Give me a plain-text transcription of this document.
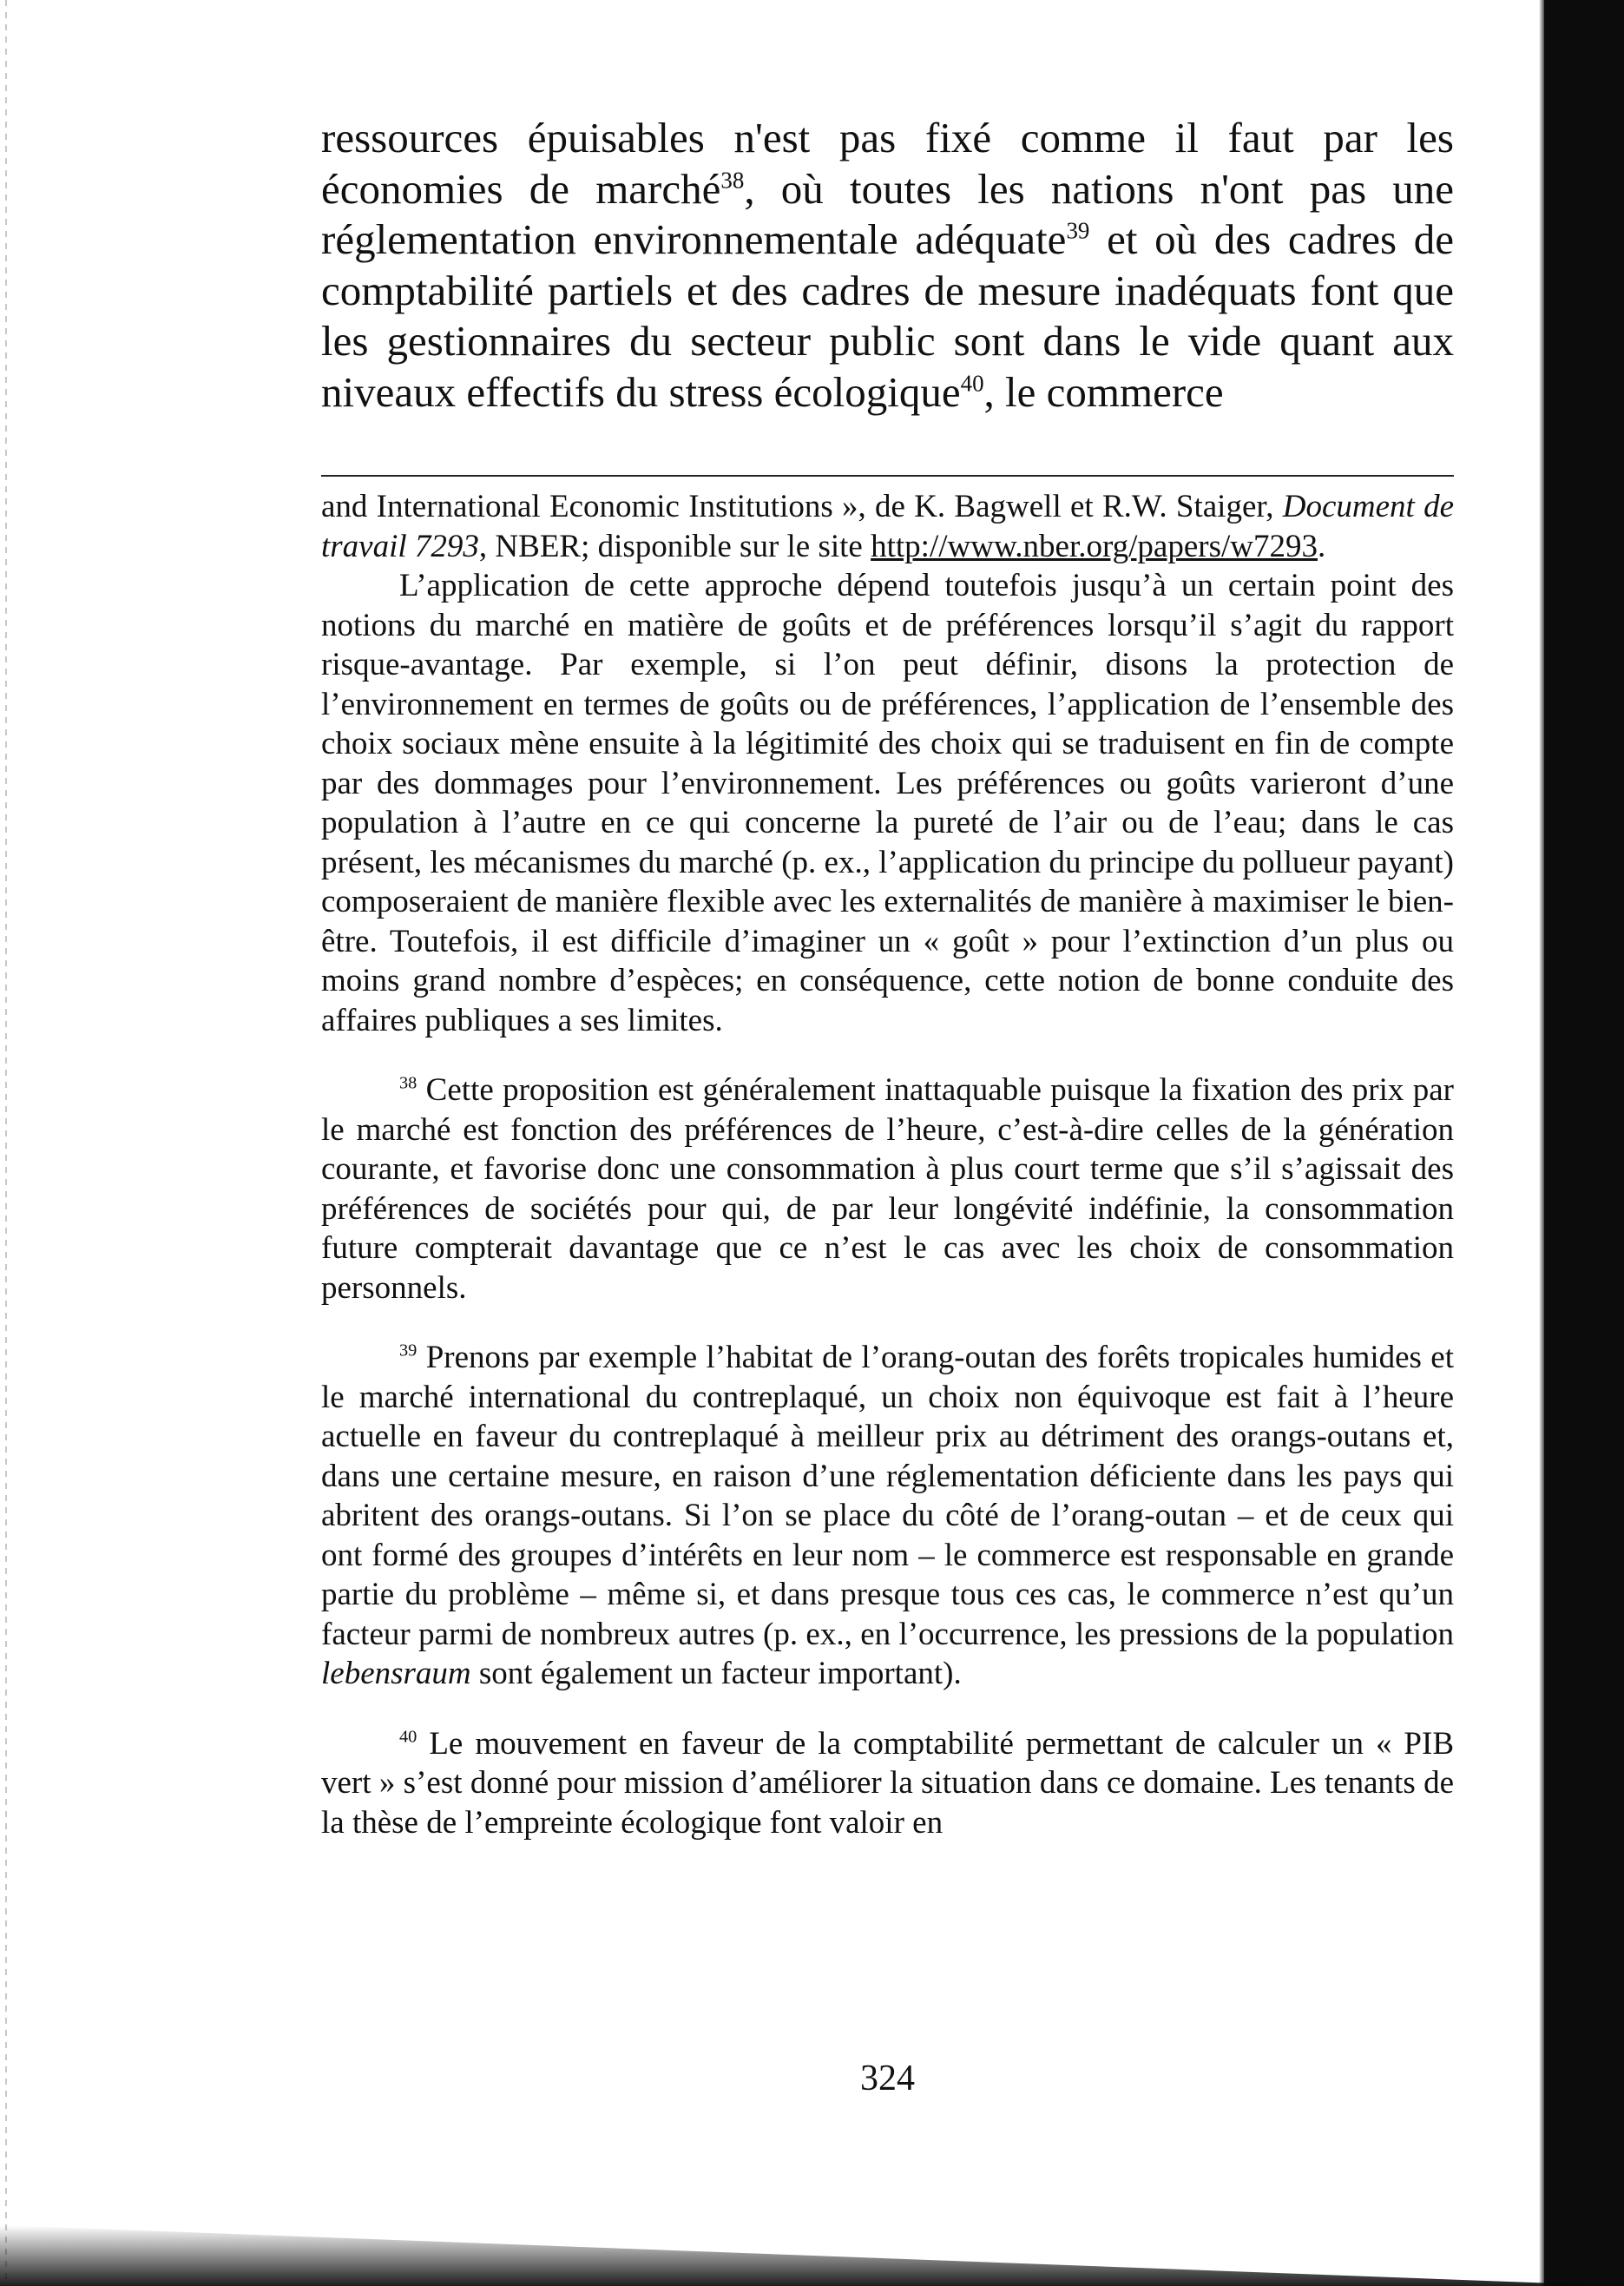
ressources épuisables n'est pas fixé comme il faut par les économies de marché$^{38}$, où toutes les nations n'ont pas une réglementation environnementale adéquate$^{39}$ et où des cadres de comptabilité partiels et des cadres de mesure inadéquats font que les gestionnaires du secteur public sont dans le vide quant aux niveaux effectifs du stress écologique$^{40}$, le commerce

and International Economic Institutions », de K. Bagwell et R.W. Staiger, Document de travail 7293, NBER; disponible sur le site http://www.nber.org/papers/w7293.

L’application de cette approche dépend toutefois jusqu’à un certain point des notions du marché en matière de goûts et de préférences lorsqu’il s’agit du rapport risque-avantage. Par exemple, si l’on peut définir, disons la protection de l’environnement en termes de goûts ou de préférences, l’application de l’ensemble des choix sociaux mène ensuite à la légitimité des choix qui se traduisent en fin de compte par des dommages pour l’environnement. Les préférences ou goûts varieront d’une population à l’autre en ce qui concerne la pureté de l’air ou de l’eau; dans le cas présent, les mécanismes du marché (p. ex., l’application du principe du pollueur payant) composeraient de manière flexible avec les externalités de manière à maximiser le bien-être. Toutefois, il est difficile d’imaginer un « goût » pour l’extinction d’un plus ou moins grand nombre d’espèces; en conséquence, cette notion de bonne conduite des affaires publiques a ses limites.

$^{38}$ Cette proposition est généralement inattaquable puisque la fixation des prix par le marché est fonction des préférences de l’heure, c’est-à-dire celles de la génération courante, et favorise donc une consommation à plus court terme que s’il s’agissait des préférences de sociétés pour qui, de par leur longévité indéfinie, la consommation future compterait davantage que ce n’est le cas avec les choix de consommation personnels.

$^{39}$ Prenons par exemple l’habitat de l’orang-outan des forêts tropicales humides et le marché international du contreplaqué, un choix non équivoque est fait à l’heure actuelle en faveur du contreplaqué à meilleur prix au détriment des orangs-outans et, dans une certaine mesure, en raison d’une réglementation déficiente dans les pays qui abritent des orangs-outans. Si l’on se place du côté de l’orang-outan – et de ceux qui ont formé des groupes d’intérêts en leur nom – le commerce est responsable en grande partie du problème – même si, et dans presque tous ces cas, le commerce n’est qu’un facteur parmi de nombreux autres (p. ex., en l’occurrence, les pressions de la population lebensraum sont également un facteur important).

$^{40}$ Le mouvement en faveur de la comptabilité permettant de calculer un « PIB vert » s’est donné pour mission d’améliorer la situation dans ce domaine. Les tenants de la thèse de l’empreinte écologique font valoir en

324
